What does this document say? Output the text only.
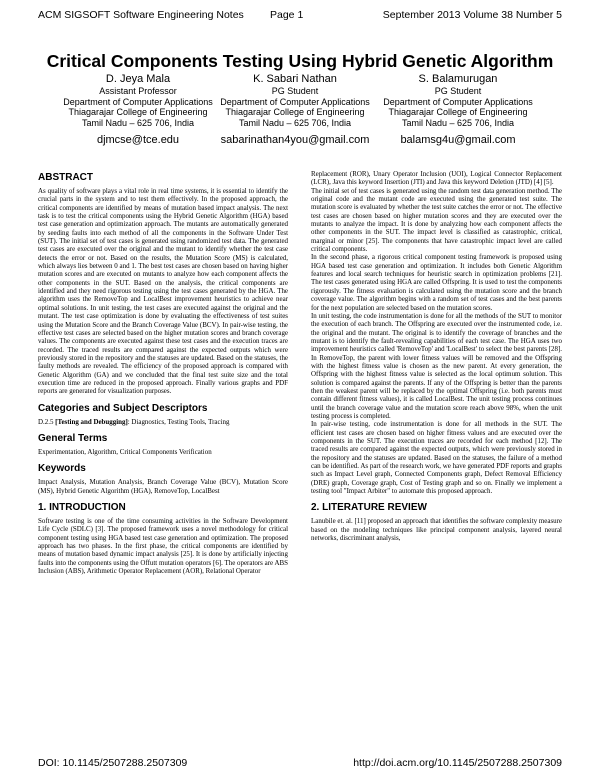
ACM SIGSOFT Software Engineering Notes Page 1	September 2013 Volume 38 Number 5
Critical Components Testing Using Hybrid Genetic Algorithm
D. Jeya Mala
Assistant Professor
Department of Computer Applications
Thiagarajar College of Engineering
Tamil Nadu – 625 706, India
djmcse@tce.edu
K. Sabari Nathan
PG Student
Department of Computer Applications
Thiagarajar College of Engineering
Tamil Nadu – 625 706, India
sabarinathan4you@gmail.com
S. Balamurugan
PG Student
Department of Computer Applications
Thiagarajar College of Engineering
Tamil Nadu – 625 706, India
balamsg4u@gmail.com
ABSTRACT

As quality of software plays a vital role in real time systems, it is essential to identify the crucial parts in the system and to test them effectively. In the proposed approach, the critical components are identified by means of mutation based impact analysis. The next task is to test the critical components using the Hybrid Genetic Algorithm (HGA) based test case generation and optimization approach. The mutants are automatically generated by seeding faults into each method of all the components in the Software Under Test (SUT). The initial set of test cases is generated using randomized test data. The generated test cases are executed over the original and the mutant to identify whether the test case detects the error or not. Based on the results, the Mutation Score (MS) is calculated, which always lies between 0 and 1. The best test cases are chosen based on having higher mutation scores and are executed on mutants to analyze how each component affects the other components in the SUT. Based on the analysis, the critical components are identified and they need rigorous testing using the test cases generated by the HGA. The algorithm uses the RemoveTop and LocalBest improvement heuristics to achieve near optimal solutions. In unit testing, the test cases are executed against the original and the mutant. The test case optimization is done by evaluating the effectiveness of test suites using the Mutation Score and the Branch Coverage Value (BCV). In pair-wise testing, the effective test cases are selected based on the higher mutation scores and branch coverage values. The components are executed against these test cases and the execution traces are recorded. The traced results are compared against the expected outputs which were previously stored in the repository and the statuses are updated. Based on the statuses, the faulty methods are revealed. The efficiency of the proposed approach is compared with Genetic Algorithm (GA) and we concluded that the final test suite size and the total execution time are reduced in the proposed approach. Finally various graphs and PDF reports are generated for visualization purposes.

Categories and Subject Descriptors

D.2.5 [Testing and Debugging]: Diagnostics, Testing Tools, Tracing

General Terms

Experimentation, Algorithm, Critical Components Verification

Keywords

Impact Analysis, Mutation Analysis, Branch Coverage Value (BCV), Mutation Score (MS), Hybrid Genetic Algorithm (HGA), RemoveTop, LocalBest

1. INTRODUCTION

Software testing is one of the time consuming activities in the Software Development Life Cycle (SDLC) [3]. The proposed framework uses a novel methodology for critical component testing using HGA based test case generation and optimization. The proposed approach has two phases. In the first phase, the critical components are identified by means of mutation based dynamic impact analysis [25]. It is done by artificially injecting faults into the components using the Offutt mutation operators [6]. The operators are ABS Inclusion (ABS), Arithmetic Operator Replacement (AOR), Relational Operator

Replacement (ROR), Unary Operator Inclusion (UOI), Logical Connector Replacement (LCR), Java this keyword Insertion (JTI) and Java this keyword Deletion (JTD) [4] [5].

The initial set of test cases is generated using the random test data generation method. The original code and the mutant code are executed using the generated test suite. The mutation score is evaluated by whether the test suite catches the error or not. The effective test cases are chosen based on higher mutation scores and they are executed over the mutants to analyze the impact. It is done by analyzing how each component affects the other components in the SUT. The impact level is classified as catastrophic, critical, marginal or minor [25]. The components that have catastrophic impact level are called critical components.

In the second phase, a rigorous critical component testing framework is proposed using HGA based test case generation and optimization. It includes both Genetic Algorithm features and local search techniques for heuristic search in optimization problems [21]. The test cases generated using HGA are called Offspring. It is used to test the components rigorously. The fitness evaluation is calculated using the mutation score and the branch coverage value. The algorithm begins with a random set of test cases and the best parents for the next population are selected based on the mutation scores.

In unit testing, the code instrumentation is done for all the methods of the SUT to monitor the execution of each branch. The Offspring are executed over the instrumented code, i.e. the original and the mutant. The original is to identify the coverage of branches and the mutant is to identify the fault-revealing capabilities of each test case. The HGA uses two improvement heuristics called 'RemoveTop' and 'LocalBest' to select the best parents [28]. In RemoveTop, the parent with lower fitness values will be removed and the Offspring with the highest fitness value is chosen as the new parent. At every generation, the Offspring with the highest fitness value is selected as the local optimum solution. This solution is compared against the parents. If any of the Offspring is better than the parents then the weakest parent will be replaced by the optimal Offspring (i.e. both parents must contain different fitness values), it is called LocalBest. The unit testing process continues until the branch coverage value and the mutation score reach above 98%, when the unit testing process is completed.

In pair-wise testing, code instrumentation is done for all methods in the SUT. The efficient test cases are chosen based on higher fitness values and are executed over the components in the SUT. The execution traces are recorded for each method [12]. The traced results are compared against the expected outputs, which were previously stored in the repository and the statuses are updated. Based on the statuses, the failure of a method can be identified. As part of the research work, we have generated PDF reports and graphs such as Impact Level graph, Connected Components graph, Defect Removal Efficiency (DRE) graph, Coverage graph, Cost of Testing graph and so on. Finally we implement a testing tool "Impact Arbiter" to automate this proposed approach.

2. LITERATURE REVIEW

Lanubile et. al. [11] proposed an approach that identifies the software complexity measure based on the modeling techniques like principal component analysis, layered neural networks, discriminant analysis,

DOI: 10.1145/2507288.2507309	http://doi.acm.org/10.1145/2507288.2507309
